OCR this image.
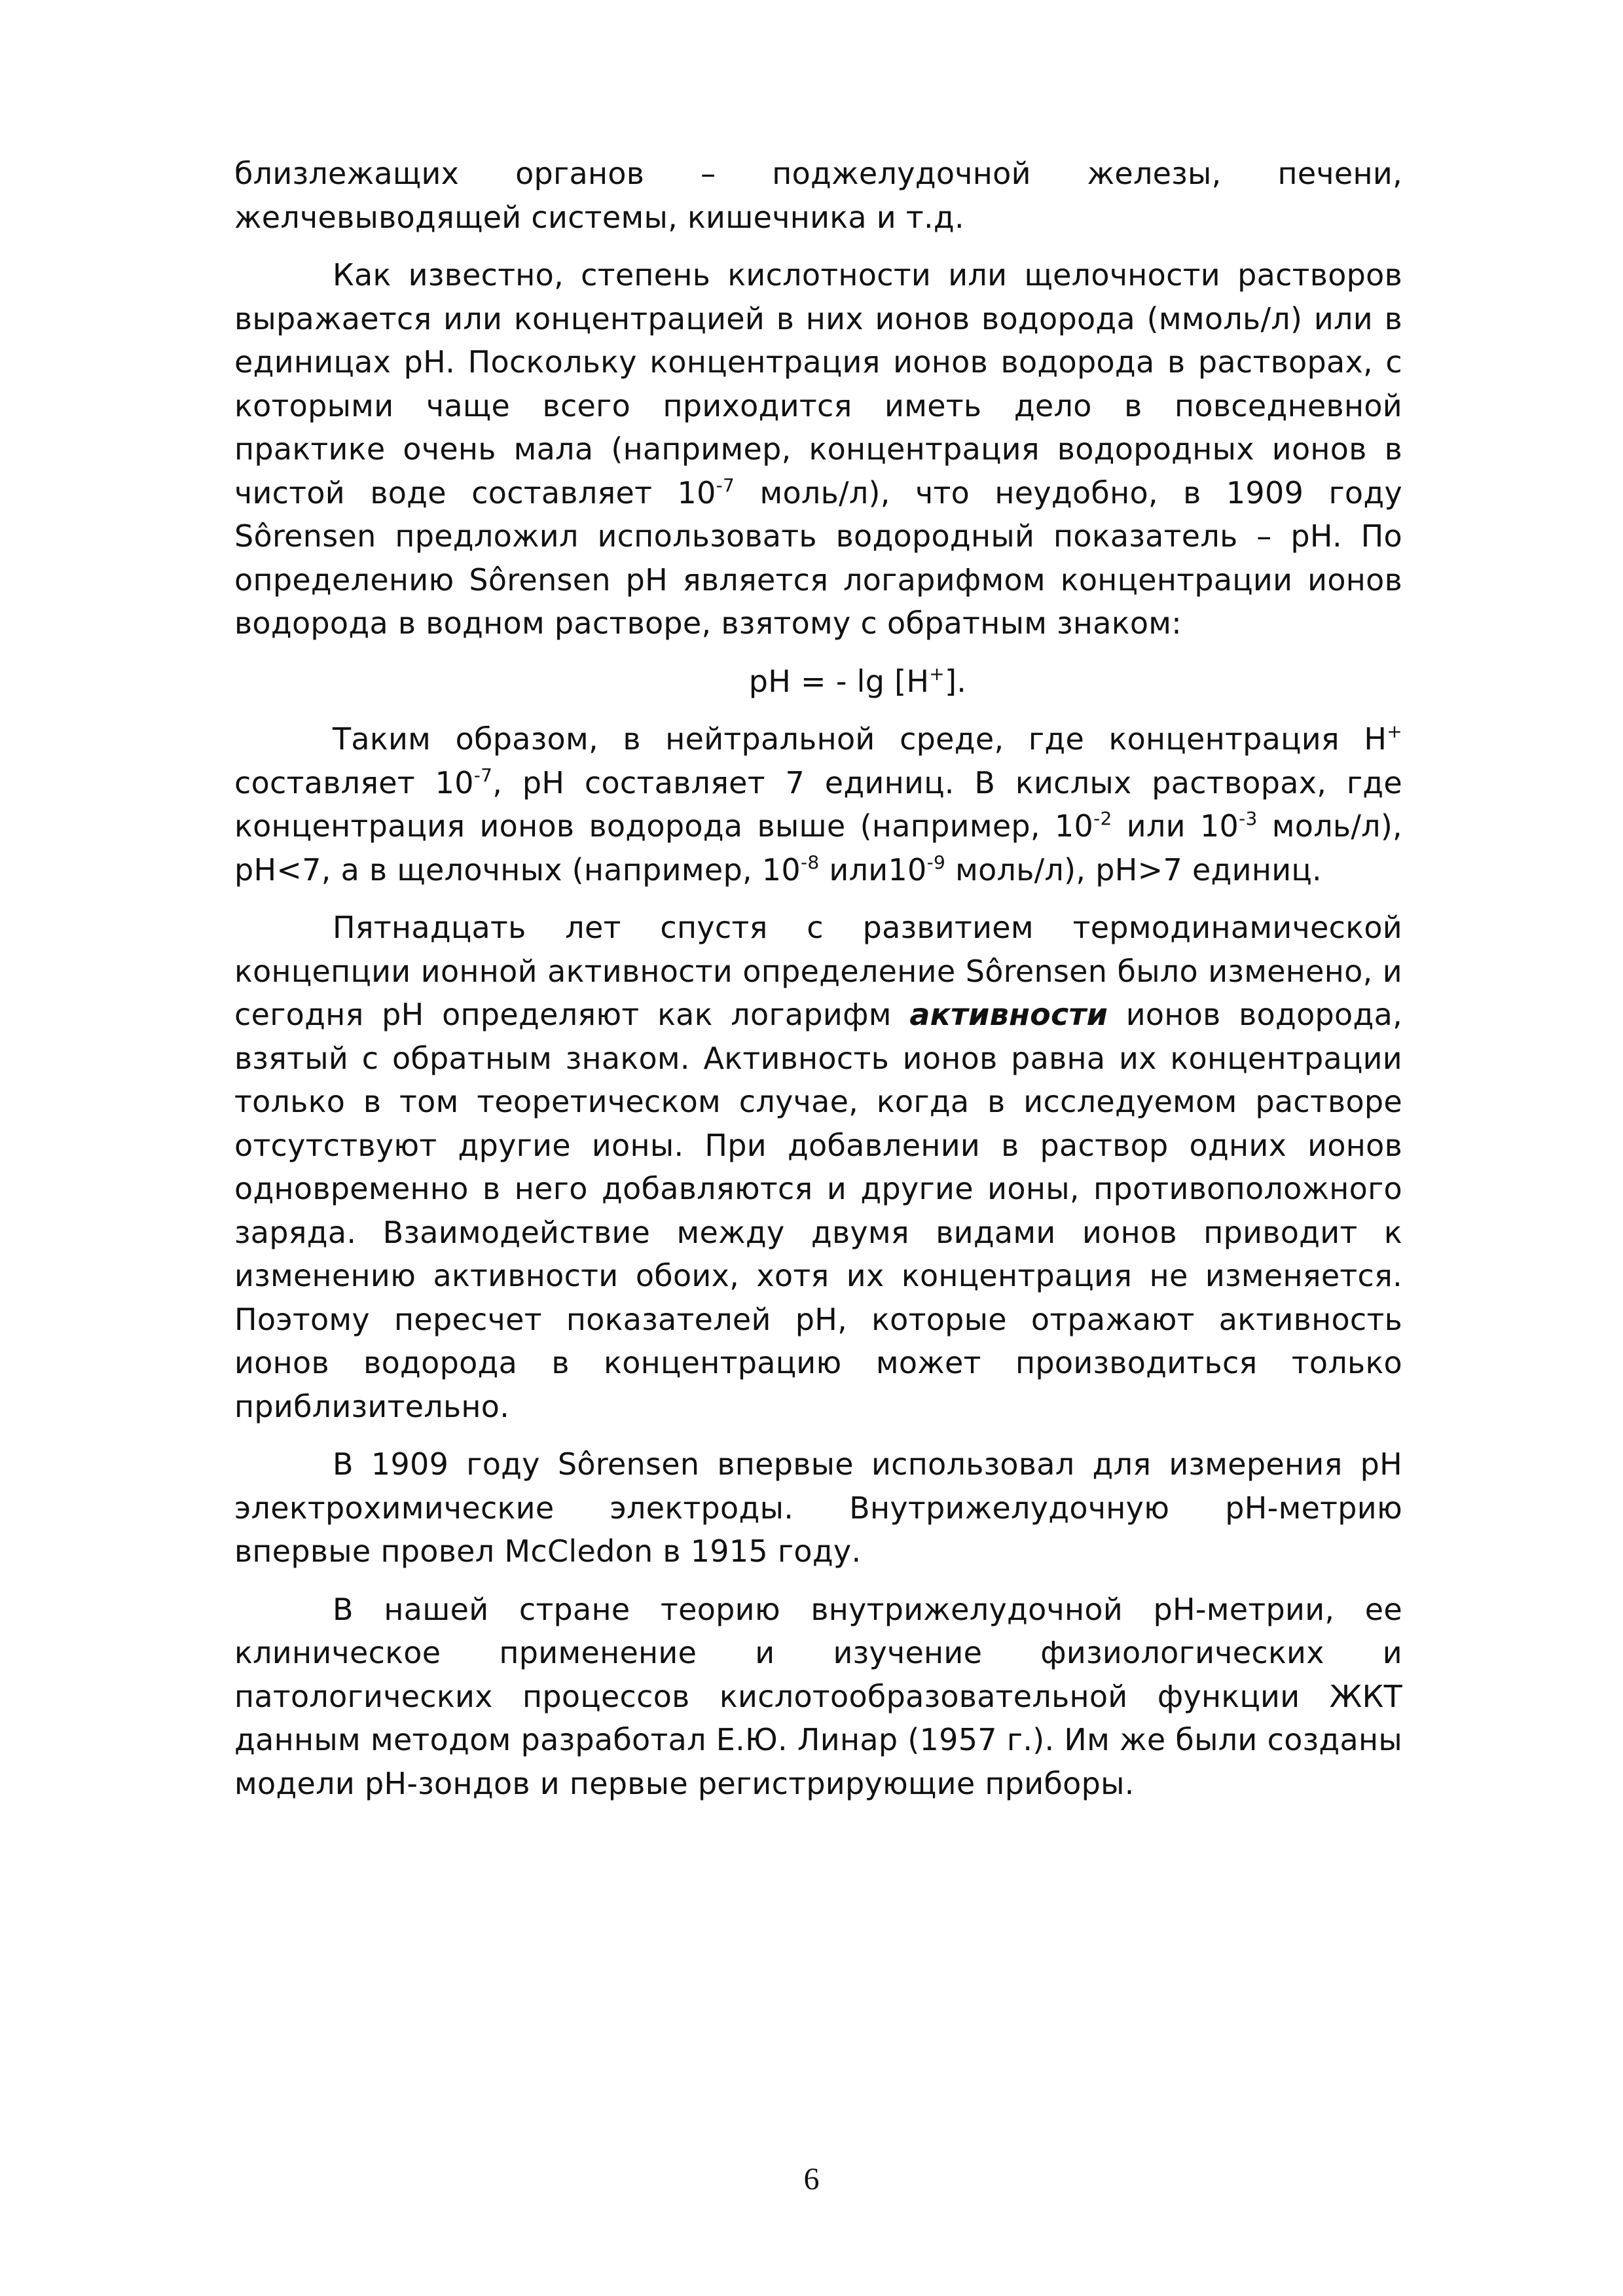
близлежащих органов – поджелудочной железы, печени, желчевыводящей системы, кишечника и т.д.

Как известно, степень кислотности или щелочности растворов выражается или концентрацией в них ионов водорода (ммоль/л) или в единицах pH. Поскольку концентрация ионов водорода в растворах, с которыми чаще всего приходится иметь дело в повседневной практике очень мала (например, концентрация водородных ионов в чистой воде составляет $10^{-7}$ моль/л), что неудобно, в 1909 году Sôrensen предложил использовать водородный показатель – pH. По определению Sôrensen pH является логарифмом концентрации ионов водорода в водном растворе, взятому с обратным знаком:

pH = - lg [H+].

Таким образом, в нейтральной среде, где концентрация H+ составляет $10^{-7}$, pH составляет 7 единиц. В кислых растворах, где концентрация ионов водорода выше (например, $10^{-2}$ или $10^{-3}$ моль/л), pH<7, а в щелочных (например, $10^{-8}$ $или10^{-9}$ моль/л), pH>7 единиц.

Пятнадцать лет спустя с развитием термодинамической концепции ионной активности определение Sôrensen было изменено, и сегодня pH определяют как логарифм активности ионов водорода, взятый с обратным знаком. Активность ионов равна их концентрации только в том теоретическом случае, когда в исследуемом растворе отсутствуют другие ионы. При добавлении в раствор одних ионов одновременно в него добавляются и другие ионы, противоположного заряда. Взаимодействие между двумя видами ионов приводит к изменению активности обоих, хотя их концентрация не изменяется. Поэтому пересчет показателей pH, которые отражают активность ионов водорода в концентрацию может производиться только приблизительно.

В 1909 году Sôrensen впервые использовал для измерения pH электрохимические электроды. Внутрижелудочную pH-метрию впервые провел McCledon в 1915 году.

В нашей стране теорию внутрижелудочной pH-метрии, ее клиническое применение и изучение физиологических и патологических процессов кислотообразовательной функции ЖКТ данным методом разработал Е.Ю. Линар (1957 г.). Им же были созданы модели pH-зондов и первые регистрирующие приборы.

6
